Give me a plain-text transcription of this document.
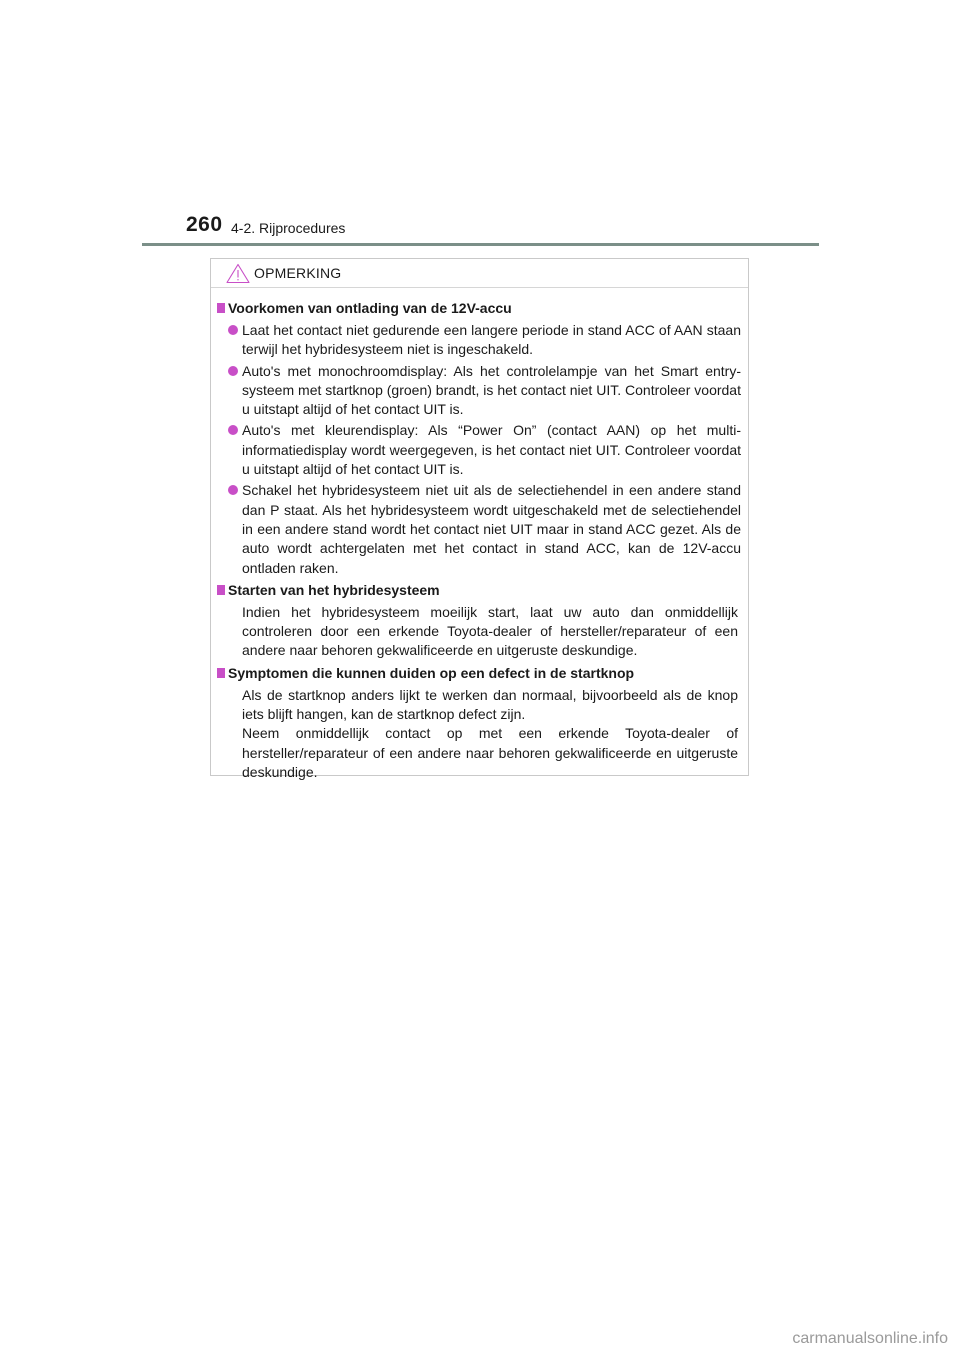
260 4-2. Rijprocedures
OPMERKING
Voorkomen van ontlading van de 12V-accu
Laat het contact niet gedurende een langere periode in stand ACC of AAN staan terwijl het hybridesysteem niet is ingeschakeld.
Auto's met monochroomdisplay: Als het controlelampje van het Smart entry-systeem met startknop (groen) brandt, is het contact niet UIT. Controleer voordat u uitstapt altijd of het contact UIT is.
Auto's met kleurendisplay: Als “Power On” (contact AAN) op het multi-informatiedisplay wordt weergegeven, is het contact niet UIT. Controleer voordat u uitstapt altijd of het contact UIT is.
Schakel het hybridesysteem niet uit als de selectiehendel in een andere stand dan P staat. Als het hybridesysteem wordt uitgeschakeld met de selectiehendel in een andere stand wordt het contact niet UIT maar in stand ACC gezet. Als de auto wordt achtergelaten met het contact in stand ACC, kan de 12V-accu ontladen raken.
Starten van het hybridesysteem
Indien het hybridesysteem moeilijk start, laat uw auto dan onmiddellijk controleren door een erkende Toyota-dealer of hersteller/reparateur of een andere naar behoren gekwalificeerde en uitgeruste deskundige.
Symptomen die kunnen duiden op een defect in de startknop
Als de startknop anders lijkt te werken dan normaal, bijvoorbeeld als de knop iets blijft hangen, kan de startknop defect zijn.
Neem onmiddellijk contact op met een erkende Toyota-dealer of hersteller/reparateur of een andere naar behoren gekwalificeerde en uitgeruste deskundige.
carmanualsonline.info
